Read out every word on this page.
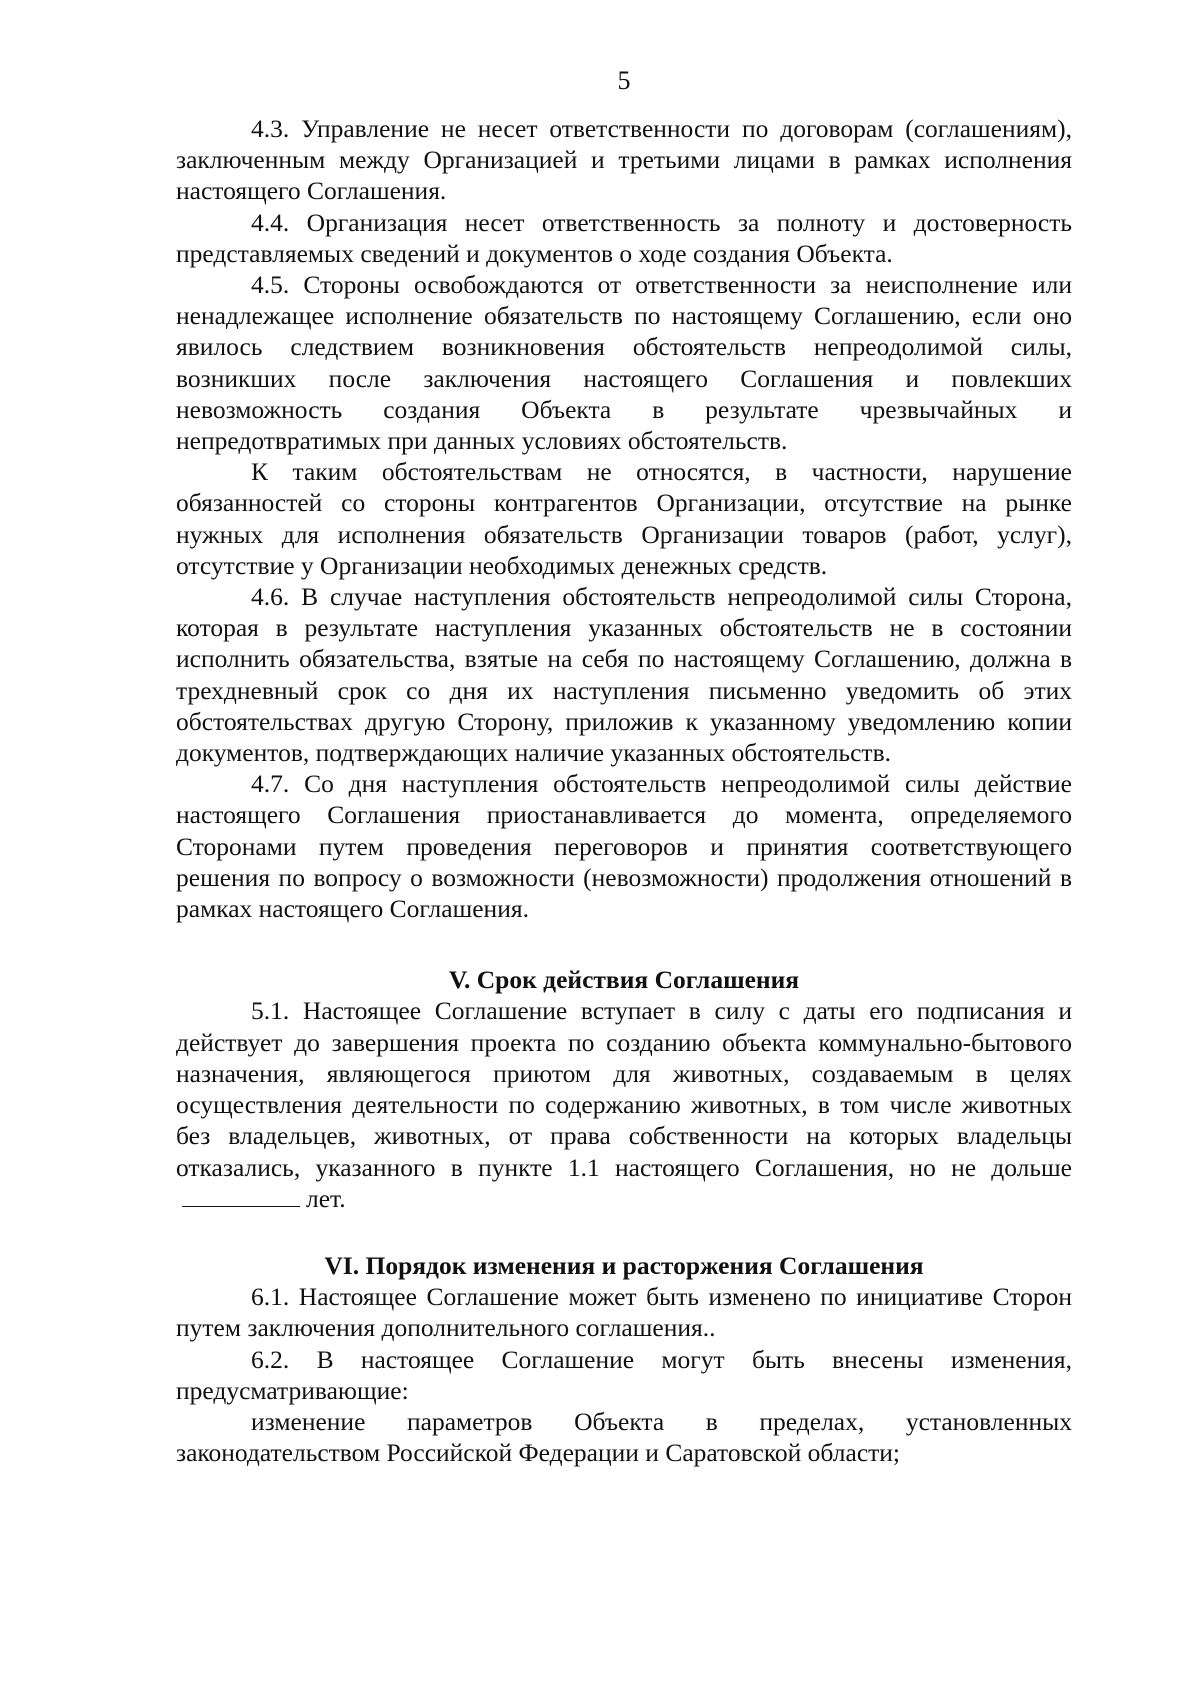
5

4.3. Управление не несет ответственности по договорам (соглашениям), заключенным между Организацией и третьими лицами в рамках исполнения настоящего Соглашения.

4.4. Организация несет ответственность за полноту и достоверность представляемых сведений и документов о ходе создания Объекта.

4.5. Стороны освобождаются от ответственности за неисполнение или ненадлежащее исполнение обязательств по настоящему Соглашению, если оно явилось следствием возникновения обстоятельств непреодолимой силы, возникших после заключения настоящего Соглашения и повлекших невозможность создания Объекта в результате чрезвычайных и непредотвратимых при данных условиях обстоятельств.

К таким обстоятельствам не относятся, в частности, нарушение обязанностей со стороны контрагентов Организации, отсутствие на рынке нужных для исполнения обязательств Организации товаров (работ, услуг), отсутствие у Организации необходимых денежных средств.

4.6. В случае наступления обстоятельств непреодолимой силы Сторона, которая в результате наступления указанных обстоятельств не в состоянии исполнить обязательства, взятые на себя по настоящему Соглашению, должна в трехдневный срок со дня их наступления письменно уведомить об этих обстоятельствах другую Сторону, приложив к указанному уведомлению копии документов, подтверждающих наличие указанных обстоятельств.

4.7. Со дня наступления обстоятельств непреодолимой силы действие настоящего Соглашения приостанавливается до момента, определяемого Сторонами путем проведения переговоров и принятия соответствующего решения по вопросу о возможности (невозможности) продолжения отношений в рамках настоящего Соглашения.

V. Срок действия Соглашения

5.1. Настоящее Соглашение вступает в силу с даты его подписания и действует до завершения проекта по созданию объекта коммунально-бытового назначения, являющегося приютом для животных, создаваемым в целях осуществления деятельности по содержанию животных, в том числе животных без владельцев, животных, от права собственности на которых владельцы отказались, указанного в пункте 1.1 настоящего Соглашения, но не дольшелет.

VI. Порядок изменения и расторжения Соглашения

6.1. Настоящее Соглашение может быть изменено по инициативе Сторон путем заключения дополнительного соглашения..

6.2. В настоящее Соглашение могут быть внесены изменения, предусматривающие:

изменение параметров Объекта в пределах, установленных законодательством Российской Федерации и Саратовской области;
